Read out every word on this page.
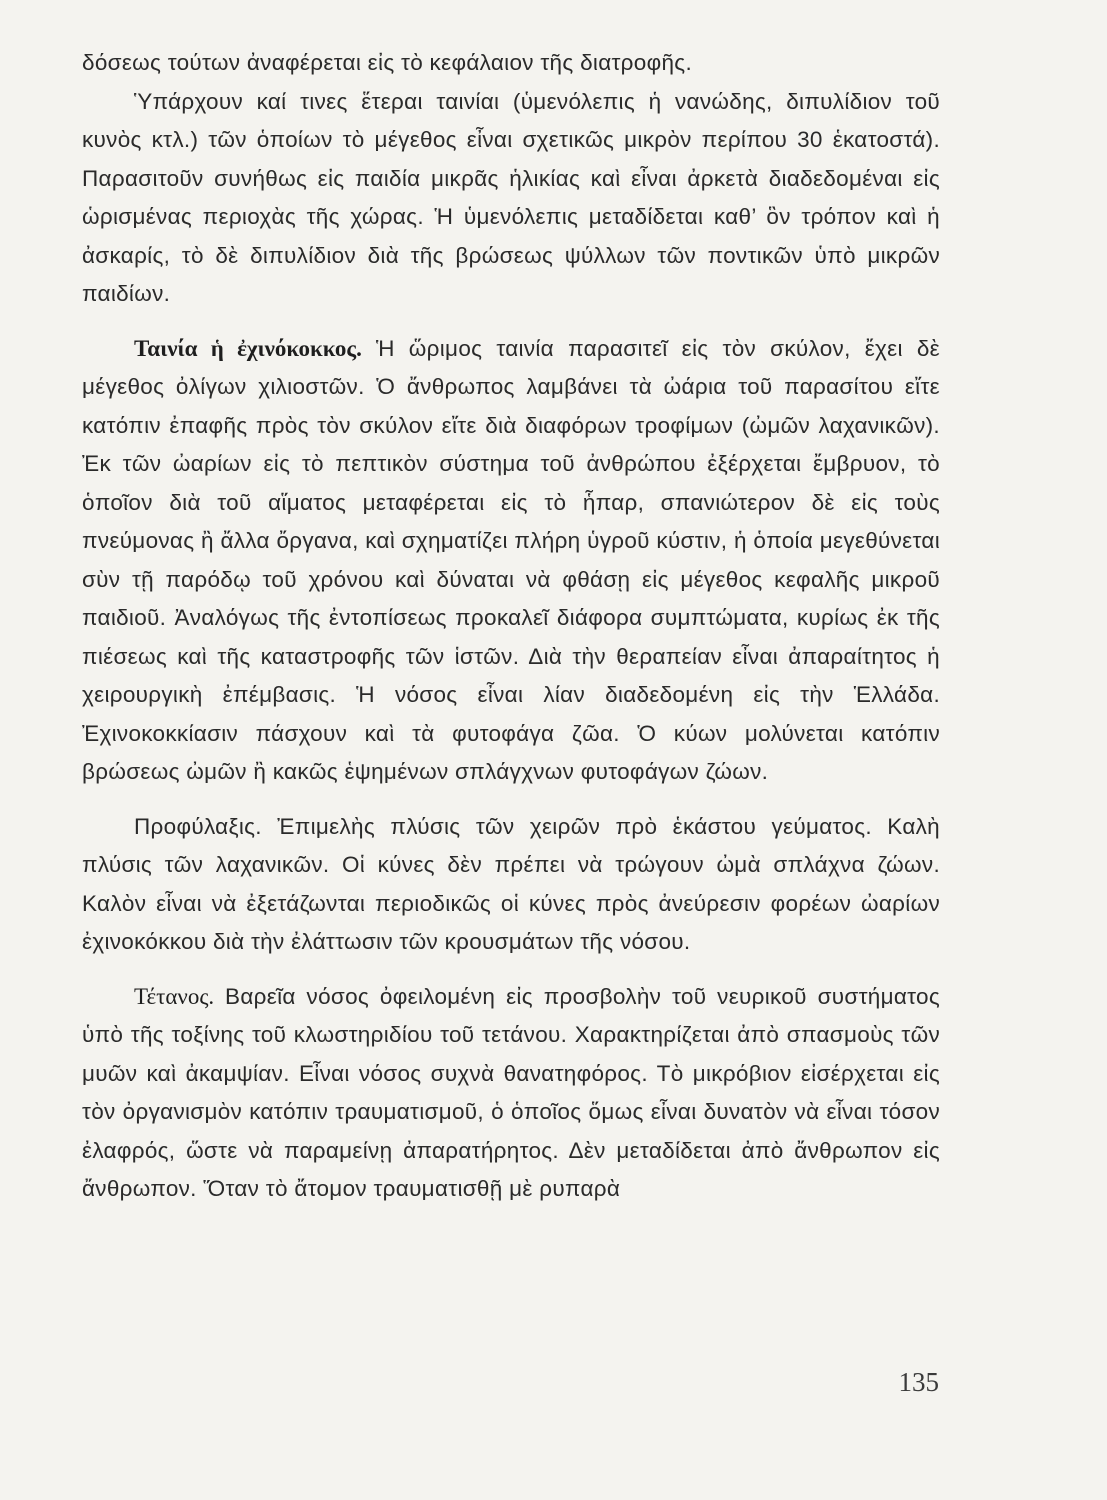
δόσεως τούτων ἀναφέρεται εἰς τὸ κεφάλαιον τῆς διατροφῆς.

Ὑπάρχουν καί τινες ἕτεραι ταινίαι (ὑμενόλεπις ἡ νανώδης, διπυλίδιον τοῦ κυνὸς κτλ.) τῶν ὁποίων τὸ μέγεθος εἶναι σχετικῶς μικρὸν περίπου 30 ἑκατοστά). Παρασιτοῦν συνήθως εἰς παιδία μικρᾶς ἡλικίας καὶ εἶναι ἀρκετὰ διαδεδομέναι εἰς ὡρισμένας περιοχὰς τῆς χώρας. Ἡ ὑμενόλεπις μεταδίδεται καθ’ ὃν τρόπον καὶ ἡ ἀσκαρίς, τὸ δὲ διπυλίδιον διὰ τῆς βρώσεως ψύλλων τῶν ποντικῶν ὑπὸ μικρῶν παιδίων.

Ταινία ἡ ἐχινόκοκκος. Ἡ ὥριμος ταινία παρασιτεῖ εἰς τὸν σκύλον, ἔχει δὲ μέγεθος ὀλίγων χιλιοστῶν. Ὁ ἄνθρωπος λαμβάνει τὰ ὠάρια τοῦ παρασίτου εἴτε κατόπιν ἐπαφῆς πρὸς τὸν σκύλον εἴτε διὰ διαφόρων τροφίμων (ὠμῶν λαχανικῶν). Ἐκ τῶν ὠαρίων εἰς τὸ πεπτικὸν σύστημα τοῦ ἀνθρώπου ἐξέρχεται ἔμβρυον, τὸ ὁποῖον διὰ τοῦ αἵματος μεταφέρεται εἰς τὸ ἧπαρ, σπανιώτερον δὲ εἰς τοὺς πνεύμονας ἢ ἄλλα ὄργανα, καὶ σχηματίζει πλήρη ὑγροῦ κύστιν, ἡ ὁποία μεγεθύνεται σὺν τῇ παρόδῳ τοῦ χρόνου καὶ δύναται νὰ φθάσῃ εἰς μέγεθος κεφαλῆς μικροῦ παιδιοῦ. Ἀναλόγως τῆς ἐντοπίσεως προκαλεῖ διάφορα συμπτώματα, κυρίως ἐκ τῆς πιέσεως καὶ τῆς καταστροφῆς τῶν ἱστῶν. Διὰ τὴν θεραπείαν εἶναι ἀπαραίτητος ἡ χειρουργικὴ ἐπέμβασις. Ἡ νόσος εἶναι λίαν διαδεδομένη εἰς τὴν Ἑλλάδα. Ἐχινοκοκκίασιν πάσχουν καὶ τὰ φυτοφάγα ζῶα. Ὁ κύων μολύνεται κατόπιν βρώσεως ὠμῶν ἢ κακῶς ἑψημένων σπλάγχνων φυτοφάγων ζώων.

Προφύλαξις. Ἐπιμελὴς πλύσις τῶν χειρῶν πρὸ ἑκάστου γεύματος. Καλὴ πλύσις τῶν λαχανικῶν. Οἱ κύνες δὲν πρέπει νὰ τρώγουν ὠμὰ σπλάχνα ζώων. Καλὸν εἶναι νὰ ἐξετάζωνται περιοδικῶς οἱ κύνες πρὸς ἀνεύρεσιν φορέων ὠαρίων ἐχινοκόκκου διὰ τὴν ἐλάττωσιν τῶν κρουσμάτων τῆς νόσου.

Τέτανος. Βαρεῖα νόσος ὀφειλομένη εἰς προσβολὴν τοῦ νευρικοῦ συστήματος ὑπὸ τῆς τοξίνης τοῦ κλωστηριδίου τοῦ τετάνου. Χαρακτηρίζεται ἀπὸ σπασμοὺς τῶν μυῶν καὶ ἀκαμψίαν. Εἶναι νόσος συχνὰ θανατηφόρος. Τὸ μικρόβιον εἰσέρχεται εἰς τὸν ὀργανισμὸν κατόπιν τραυματισμοῦ, ὁ ὁποῖος ὅμως εἶναι δυνατὸν νὰ εἶναι τόσον ἐλαφρός, ὥστε νὰ παραμείνῃ ἀπαρατήρητος. Δὲν μεταδίδεται ἀπὸ ἄνθρωπον εἰς ἄνθρωπον. Ὅταν τὸ ἄτομον τραυματισθῇ μὲ ρυπαρὰ

135
